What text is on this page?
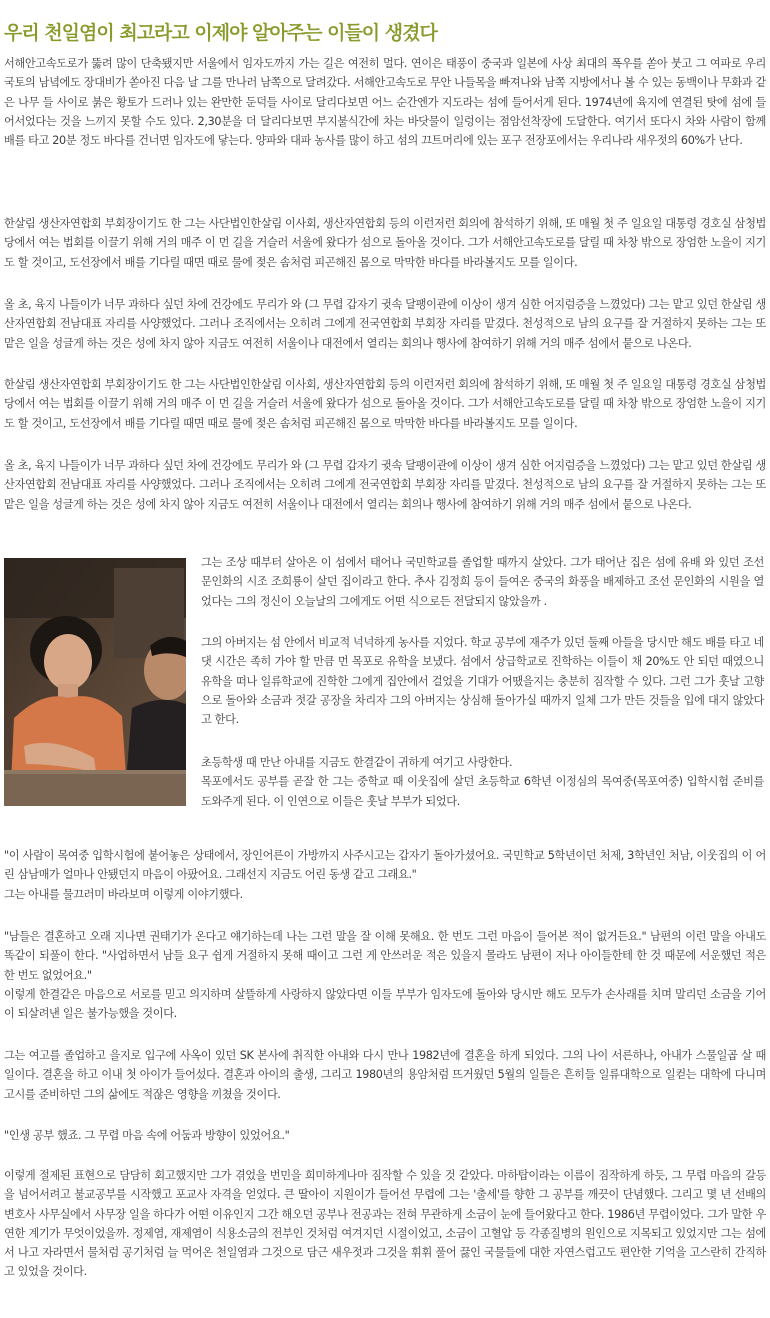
우리 천일염이 최고라고 이제야 알아주는 이들이 생겼다

서해안고속도로가 뚫려 많이 단축됐지만 서울에서 임자도까지 가는 길은 여전히 멀다. 연이은 태풍이 중국과 일본에 사상 최대의 폭우를 쏟아 붓고 그 여파로 우리 국토의 남녘에도 장대비가 쏟아진 다음 날 그를 만나러 남쪽으로 달려갔다. 서해안고속도로 무안 나들목을 빠져나와 남쪽 지방에서나 볼 수 있는 동백이나 무화과 같은 나무 들 사이로 붉은 황토가 드러나 있는 완만한 둔덕들 사이로 달리다보면 어느 순간엔가 지도라는 섬에 들어서게 된다. 1974년에 육지에 연결된 탓에 섬에 들어서었다는 것을 느끼지 못할 수도 있다. 2,30분을 더 달리다보면 부지불식간에 차는 바닷물이 일렁이는 점암선착장에 도달한다. 여기서 또다시 차와 사람이 함께 배를 타고 20분 정도 바다를 건너면 임자도에 닿는다. 양파와 대파 농사를 많이 하고 섬의 끄트머리에 있는 포구 전장포에서는 우리나라 새우젓의 60%가 난다.

한살림 생산자연합회 부회장이기도 한 그는 사단법인한살림 이사회, 생산자연합회 등의 이런저런 회의에 참석하기 위해, 또 매월 첫 주 일요일 대통령 경호실 삼청법당에서 여는 법회를 이끌기 위해 거의 매주 이 먼 길을 거슬러 서울에 왔다가 섬으로 돌아올 것이다. 그가 서해안고속도로를 달릴 때 차창 밖으로 장엄한 노을이 지기도 할 것이고, 도선장에서 배를 기다릴 때면 때로 물에 젖은 솜처럼 피곤해진 몸으로 막막한 바다를 바라볼지도 모를 일이다.

올 초, 육지 나들이가 너무 과하다 싶던 차에 건강에도 무리가 와 (그 무렵 갑자기 귓속 달팽이관에 이상이 생겨 심한 어지럼증을 느꼈었다) 그는 맡고 있던 한살림 생산자연합회 전남대표 자리를 사양했었다. 그러나 조직에서는 오히려 그에게 전국연합회 부회장 자리를 맡겼다. 천성적으로 남의 요구를 잘 거절하지 못하는 그는 또 맡은 일을 성글게 하는 것은 성에 차지 않아 지금도 여전히 서울이나 대전에서 열리는 회의나 행사에 참여하기 위해 거의 매주 섬에서 뭍으로 나온다.

한살림 생산자연합회 부회장이기도 한 그는 사단법인한살림 이사회, 생산자연합회 등의 이런저런 회의에 참석하기 위해, 또 매월 첫 주 일요일 대통령 경호실 삼청법당에서 여는 법회를 이끌기 위해 거의 매주 이 먼 길을 거슬러 서울에 왔다가 섬으로 돌아올 것이다. 그가 서해안고속도로를 달릴 때 차창 밖으로 장엄한 노을이 지기도 할 것이고, 도선장에서 배를 기다릴 때면 때로 물에 젖은 솜처럼 피곤해진 몸으로 막막한 바다를 바라볼지도 모를 일이다.

올 초, 육지 나들이가 너무 과하다 싶던 차에 건강에도 무리가 와 (그 무렵 갑자기 귓속 달팽이관에 이상이 생겨 심한 어지럼증을 느꼈었다) 그는 맡고 있던 한살림 생산자연합회 전남대표 자리를 사양했었다. 그러나 조직에서는 오히려 그에게 전국연합회 부회장 자리를 맡겼다. 천성적으로 남의 요구를 잘 거절하지 못하는 그는 또 맡은 일을 성글게 하는 것은 성에 차지 않아 지금도 여전히 서울이나 대전에서 열리는 회의나 행사에 참여하기 위해 거의 매주 섬에서 뭍으로 나온다.

그는 조상 때부터 살아온 이 섬에서 태어나 국민학교를 졸업할 때까지 살았다. 그가 태어난 집은 섬에 유배 와 있던 조선 문인화의 시조 조희룡이 살던 집이라고 한다. 추사 김정희 등이 들여온 중국의 화풍을 배제하고 조선 문인화의 시원을 열었다는 그의 정신이 오늘날의 그에게도 어떤 식으로든 전달되지 않았을까 .

그의 아버지는 섬 안에서 비교적 넉넉하게 농사를 지었다. 학교 공부에 재주가 있던 둘째 아들을 당시만 해도 배를 타고 네댓 시간은 족히 가야 할 만큼 먼 목포로 유학을 보냈다. 섬에서 상급학교로 진학하는 이들이 채 20%도 안 되던 때였으니 유학을 떠나 일류학교에 진학한 그에게 집안에서 걸었을 기대가 어땠을지는 충분히 짐작할 수 있다. 그런 그가 훗날 고향으로 돌아와 소금과 젓갈 공장을 차리자 그의 아버지는 상심해 돌아가실 때까지 일체 그가 만든 것들을 입에 대지 않았다고 한다.

초등학생 때 만난 아내를 지금도 한결같이 귀하게 여기고 사랑한다.
목포에서도 공부를 곧잘 한 그는 중학교 때 이웃집에 살던 초등학교 6학년 이정심의 목여중(목포여중) 입학시험 준비를 도와주게 된다. 이 인연으로 이들은 훗날 부부가 되었다.

"이 사람이 목여중 입학시험에 붙어놓은 상태에서, 장인어른이 가방까지 사주시고는 갑자기 돌아가셨어요. 국민학교 5학년이던 처제, 3학년인 처남, 이웃집의 이 어린 삼남매가 얼마나 안됐던지 마음이 아팠어요. 그래선지 지금도 어린 동생 같고 그래요."
그는 아내를 물끄러미 바라보며 이렇게 이야기했다.

"남들은 결혼하고 오래 지나면 권태기가 온다고 얘기하는데 나는 그런 말을 잘 이해 못해요. 한 번도 그런 마음이 들어본 적이 없거든요." 남편의 이런 말을 아내도 똑같이 되풀이 한다. "사업하면서 남들 요구 쉽게 거절하지 못해 때이고 그런 게 안쓰러운 적은 있을지 몰라도 남편이 저나 아이들한테 한 것 때문에 서운했던 적은 한 번도 없었어요."
이렇게 한결같은 마음으로 서로를 믿고 의지하며 살뜰하게 사랑하지 않았다면 이들 부부가 임자도에 돌아와 당시만 해도 모두가 손사래를 치며 말리던 소금을 기어이 되살려낸 일은 불가능했을 것이다.

그는 여고를 졸업하고 을지로 입구에 사옥이 있던 SK 본사에 취직한 아내와 다시 만나 1982년에 결혼을 하게 되었다. 그의 나이 서른하나, 아내가 스물일곱 살 때 일이다. 결혼을 하고 이내 첫 아이가 들어섰다. 결혼과 아이의 출생, 그리고 1980년의 용암처럼 뜨거웠던 5월의 일들은 흔히들 일류대학으로 일컫는 대학에 다니며 고시를 준비하던 그의 삶에도 적잖은 영향을 끼쳤을 것이다.

"인생 공부 했죠. 그 무렵 마음 속에 어둠과 방향이 있었어요."

이렇게 절제된 표현으로 담담히 회고했지만 그가 겪었을 번민을 희미하게나마 짐작할 수 있을 것 같았다. 마하탑이라는 이름이 짐작하게 하듯, 그 무렵 마음의 갈등을 넘어서려고 불교공부를 시작했고 포교사 자격을 얻었다. 큰 딸아이 지원이가 들어선 무렵에 그는 '출세'를 향한 그 공부를 깨끗이 단념했다. 그리고 몇 년 선배의 변호사 사무실에서 사무장 일을 하다가 어떤 이유인지 그간 해오던 공부나 전공과는 전혀 무관하게 소금이 눈에 들어왔다고 한다. 1986년 무렵이었다. 그가 말한 우연한 계기가 무엇이었을까. 정제염, 재제염이 식용소금의 전부인 것처럼 여겨지던 시절이었고, 소금이 고혈압 등 각종질병의 원인으로 지목되고 있었지만 그는 섬에서 나고 자라면서 물처럼 공기처럼 늘 먹어온 천일염과 그것으로 담근 새우젓과 그것을 휘휘 풀어 끓인 국물들에 대한 자연스럽고도 편안한 기억을 고스란히 간직하고 있었을 것이다.
